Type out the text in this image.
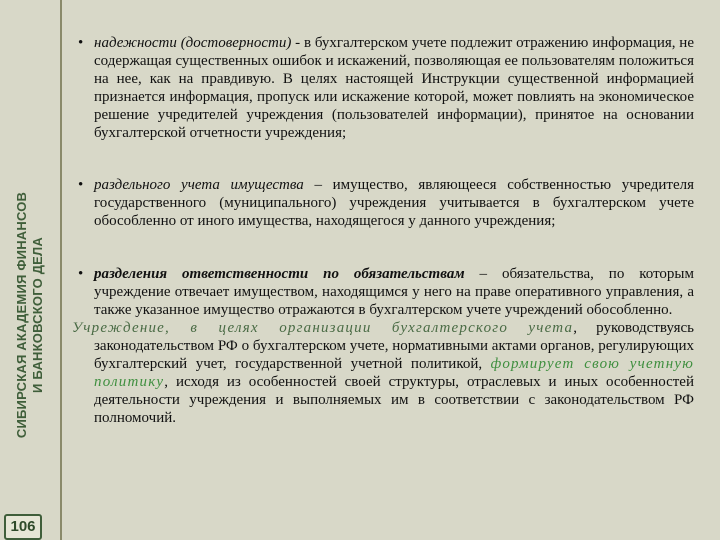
СИБИРСКАЯ АКАДЕМИЯ ФИНАНСОВ И БАНКОВСКОГО ДЕЛА
106

• надежности (достоверности) - в бухгалтерском учете подлежит отражению информация, не содержащая существенных ошибок и искажений, позволяющая ее пользователям положиться на нее, как на правдивую. В целях настоящей Инструкции существенной информацией признается информация, пропуск или искажение которой, может повлиять на экономическое решение учредителей учреждения (пользователей информации), принятое на основании бухгалтерской отчетности учреждения;

• раздельного учета имущества – имущество, являющееся собственностью учредителя государственного (муниципального) учреждения учитывается в бухгалтерском учете обособленно от иного имущества, находящегося у данного учреждения;

• разделения ответственности по обязательствам – обязательства, по которым учреждение отвечает имуществом, находящимся у него на праве оперативного управления, а также указанное имущество отражаются в бухгалтерском учете учреждений обособленно.

Учреждение, в целях организации бухгалтерского учета, руководствуясь законодательством РФ о бухгалтерском учете, нормативными актами органов, регулирующих бухгалтерский учет, государственной учетной политикой, формирует свою учетную политику, исходя из особенностей своей структуры, отраслевых и иных особенностей деятельности учреждения и выполняемых им в соответствии с законодательством РФ полномочий.
